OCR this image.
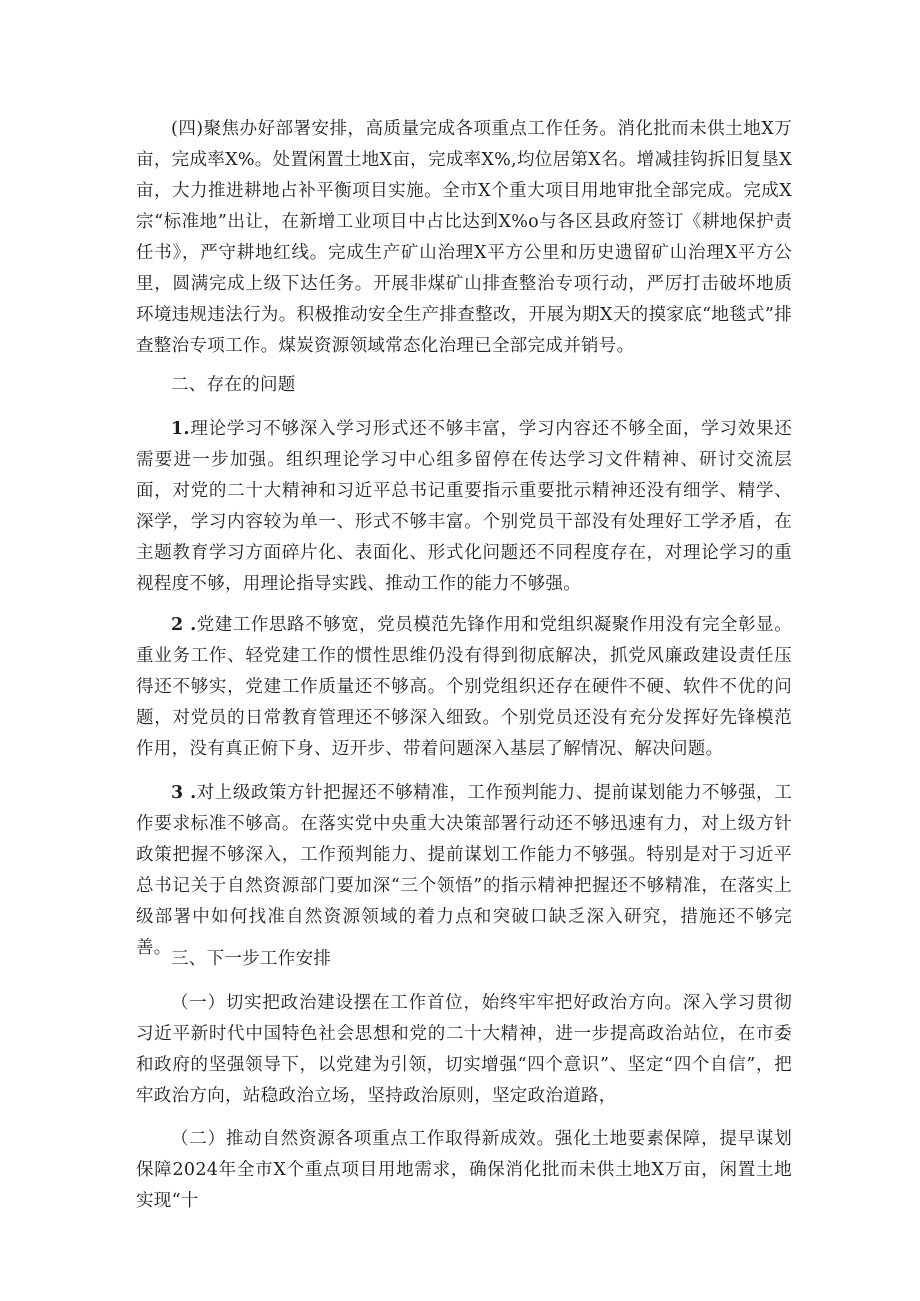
(四)聚焦办好部署安排，高质量完成各项重点工作任务。消化批而未供土地X万亩，完成率X%。处置闲置土地X亩，完成率X%,均位居第X名。增减挂钩拆旧复垦X亩，大力推进耕地占补平衡项目实施。全市X个重大项目用地审批全部完成。完成X宗“标准地”出让，在新增工业项目中占比达到X%o与各区县政府签订《耕地保护责任书》，严守耕地红线。完成生产矿山治理X平方公里和历史遗留矿山治理X平方公里，圆满完成上级下达任务。开展非煤矿山排查整治专项行动，严厉打击破坏地质环境违规违法行为。积极推动安全生产排查整改，开展为期X天的摸家底“地毯式”排查整治专项工作。煤炭资源领域常态化治理已全部完成并销号。

二、存在的问题

1.理论学习不够深入学习形式还不够丰富，学习内容还不够全面，学习效果还需要进一步加强。组织理论学习中心组多留停在传达学习文件精神、研讨交流层面，对党的二十大精神和习近平总书记重要指示重要批示精神还没有细学、精学、深学，学习内容较为单一、形式不够丰富。个别党员干部没有处理好工学矛盾，在主题教育学习方面碎片化、表面化、形式化问题还不同程度存在，对理论学习的重视程度不够，用理论指导实践、推动工作的能力不够强。

2 .党建工作思路不够宽，党员模范先锋作用和党组织凝聚作用没有完全彰显。重业务工作、轻党建工作的惯性思维仍没有得到彻底解决，抓党风廉政建设责任压得还不够实，党建工作质量还不够高。个别党组织还存在硬件不硬、软件不优的问题，对党员的日常教育管理还不够深入细致。个别党员还没有充分发挥好先锋模范作用，没有真正俯下身、迈开步、带着问题深入基层了解情况、解决问题。

3 .对上级政策方针把握还不够精准，工作预判能力、提前谋划能力不够强，工作要求标准不够高。在落实党中央重大决策部署行动还不够迅速有力，对上级方针政策把握不够深入，工作预判能力、提前谋划工作能力不够强。特别是对于习近平总书记关于自然资源部门要加深“三个领悟”的指示精神把握还不够精准，在落实上级部署中如何找准自然资源领域的着力点和突破口缺乏深入研究，措施还不够完善。

三、下一步工作安排

（一）切实把政治建设摆在工作首位，始终牢牢把好政治方向。深入学习贯彻习近平新时代中国特色社会思想和党的二十大精神，进一步提高政治站位，在市委和政府的坚强领导下，以党建为引领，切实增强“四个意识”、坚定“四个自信”，把牢政治方向，站稳政治立场，坚持政治原则，坚定政治道路，

（二）推动自然资源各项重点工作取得新成效。强化土地要素保障，提早谋划保障2024年全市X个重点项目用地需求，确保消化批而未供土地X万亩，闲置土地实现“十
